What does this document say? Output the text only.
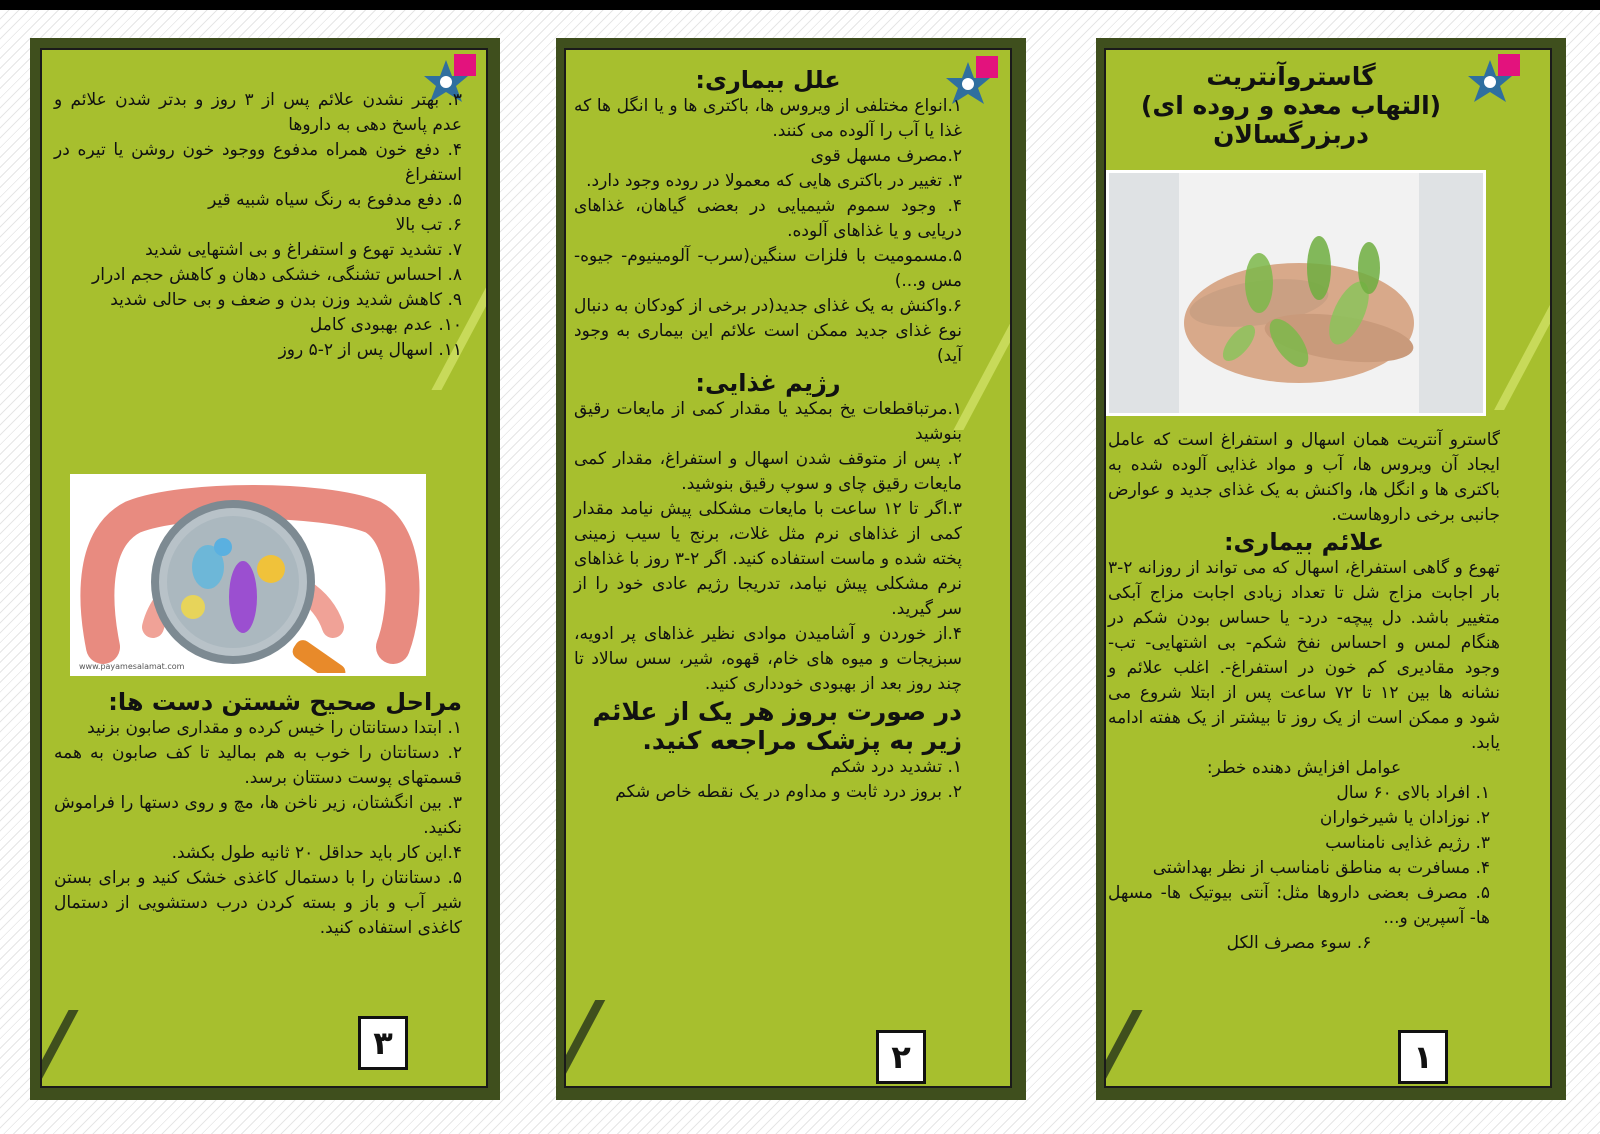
گاستروآنتریت
(التهاب معده و روده ای)
دربزرگسالان

گاسترو آنتریت همان اسهال و استفراغ است که عامل ایجاد آن ویروس ها، آب و مواد غذایی آلوده شده به باکتری ها و انگل ها، واکنش به یک غذای جدید و عوارض جانبی برخی داروهاست.

علائم بیماری:

تهوع و گاهی استفراغ، اسهال که می تواند از روزانه ۲-۳ بار اجابت مزاج شل تا تعداد زیادی اجابت مزاج آبکی متغییر باشد. دل پیچه- درد- یا حساس بودن شکم در هنگام لمس و احساس نفخ شکم- بی اشتهایی- تب- وجود مقادیری کم خون در استفراغ-. اغلب علائم و نشانه ها بین ۱۲ تا ۷۲ ساعت پس از ابتلا شروع می شود و ممکن است از یک روز تا بیشتر از یک هفته ادامه یابد.

عوامل افزایش دهنده خطر:

۱. افراد بالای ۶۰ سال

۲. نوزادان یا شیرخواران

۳. رژیم غذایی نامناسب

۴. مسافرت به مناطق نامناسب از نظر بهداشتی

۵. مصرف بعضی داروها مثل: آنتی بیوتیک ها- مسهل ها- آسپرین و...

۶. سوء مصرف الکل

۱

علل بیماری:

۱.انواع مختلفی از ویروس ها، باکتری ها و یا انگل ها که غذا یا آب را آلوده می کنند.

۲.مصرف مسهل قوی

۳. تغییر در باکتری هایی که معمولا در روده وجود دارد.

۴. وجود سموم شیمیایی در بعضی گیاهان، غذاهای دریایی و یا غذاهای آلوده.

۵.مسمومیت با فلزات سنگین(سرب- آلومینیوم- جیوه-مس و...)

۶.واکنش به یک غذای جدید(در برخی از کودکان به دنبال نوع غذای جدید ممکن است علائم این بیماری به وجود آید)

رژیم غذایی:

۱.مرتباقطعات یخ بمکید یا مقدار کمی از مایعات رقیق بنوشید

۲. پس از متوقف شدن اسهال و استفراغ، مقدار کمی مایعات رقیق چای و سوپ رقیق بنوشید.

۳.اگر تا ۱۲ ساعت با مایعات مشکلی پیش نیامد مقدار کمی از غذاهای نرم مثل غلات، برنج یا سیب زمینی پخته شده و ماست استفاده کنید. اگر ۲-۳ روز با غذاهای نرم مشکلی پیش نیامد، تدریجا رژیم عادی خود را از سر گیرید.

۴.از خوردن و آشامیدن موادی نظیر غذاهای پر ادویه، سبزیجات و میوه های خام، قهوه، شیر، سس سالاد تا چند روز بعد از بهبودی خودداری کنید.

در صورت بروز هر یک از علائم زیر به پزشک مراجعه کنید.

۱. تشدید درد شکم

۲. بروز درد ثابت و مداوم در یک نقطه خاص شکم

۲

۳. بهتر نشدن علائم پس از ۳ روز و بدتر شدن علائم و عدم پاسخ دهی به داروها

۴. دفع خون همراه مدفوع ووجود خون روشن یا تیره در استفراغ

۵. دفع مدفوع به رنگ سیاه شبیه قیر

۶. تب بالا

۷. تشدید تهوع و استفراغ و بی اشتهایی شدید

۸. احساس تشنگی، خشکی دهان و کاهش حجم ادرار

۹. کاهش شدید وزن بدن و ضعف و بی حالی شدید

۱۰. عدم بهبودی کامل

۱۱. اسهال پس از ۲-۵ روز

www.payamesalamat.com

مراحل صحیح شستن دست ها:

۱. ابتدا دستانتان را خیس کرده و مقداری صابون بزنید

۲. دستانتان را خوب به هم بمالید تا کف صابون به همه قسمتهای پوست دستتان برسد.

۳. بین انگشتان، زیر ناخن ها، مچ و روی دستها را فراموش نکنید.

۴.این کار باید حداقل ۲۰ ثانیه طول بکشد.

۵. دستانتان را با دستمال کاغذی خشک کنید و برای بستن شیر آب و باز و بسته کردن درب دستشویی از دستمال کاغذی استفاده کنید.

۳
